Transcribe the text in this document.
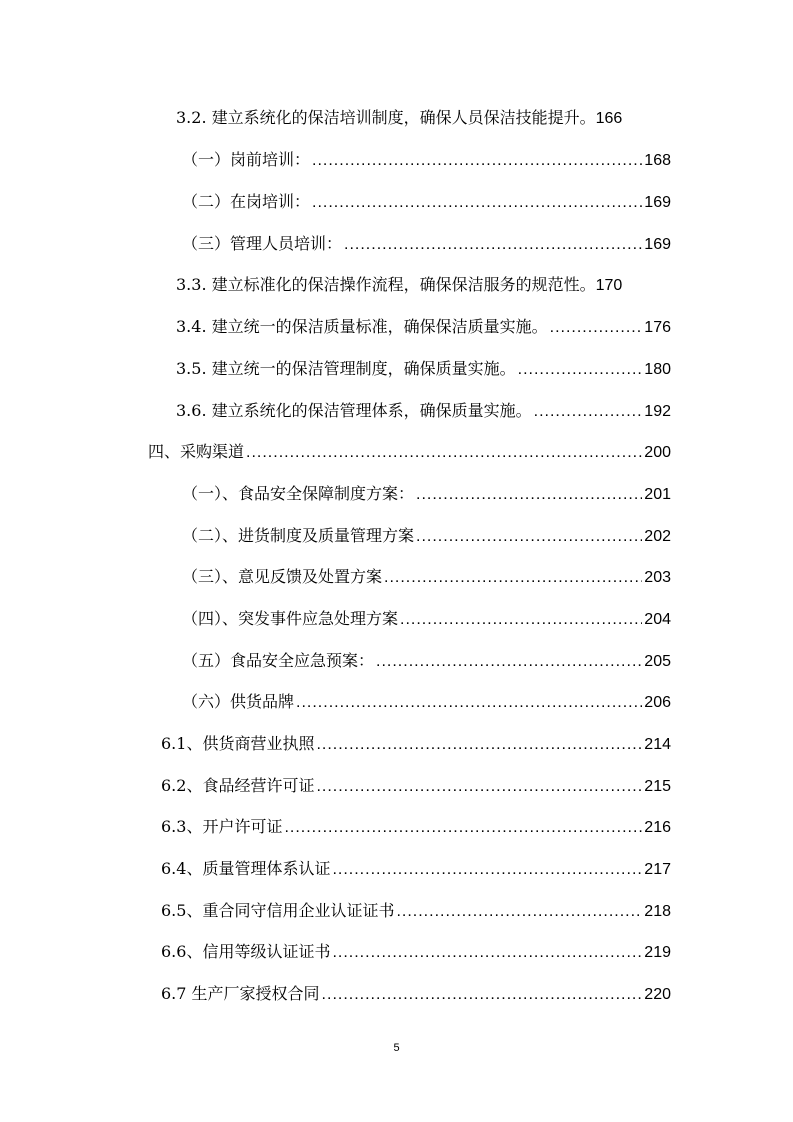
3.2. 建立系统化的保洁培训制度，确保人员保洁技能提升。 166
（一）岗前培训： .....	168
（二）在岗培训： .....	169
（三）管理人员培训： .....	169
3.3. 建立标准化的保洁操作流程，确保保洁服务的规范性。 170
3.4. 建立统一的保洁质量标准，确保保洁质量实施。 .....	176
3.5. 建立统一的保洁管理制度，确保质量实施。 .....	180
3.6. 建立系统化的保洁管理体系，确保质量实施。 .....	192
四、采购渠道 .....	200
（一）、食品安全保障制度方案： .....	201
（二）、进货制度及质量管理方案 .....	202
（三）、意见反馈及处置方案 .....	203
（四）、突发事件应急处理方案 .....	204
（五）食品安全应急预案： .....	205
（六）供货品牌 .....	206
6.1、供货商营业执照 .....	214
6.2、食品经营许可证 .....	215
6.3、开户许可证 .....	216
6.4、质量管理体系认证 .....	217
6.5、重合同守信用企业认证证书 .....	218
6.6、信用等级认证证书 .....	219
6.7 生产厂家授权合同 .....	220
5
